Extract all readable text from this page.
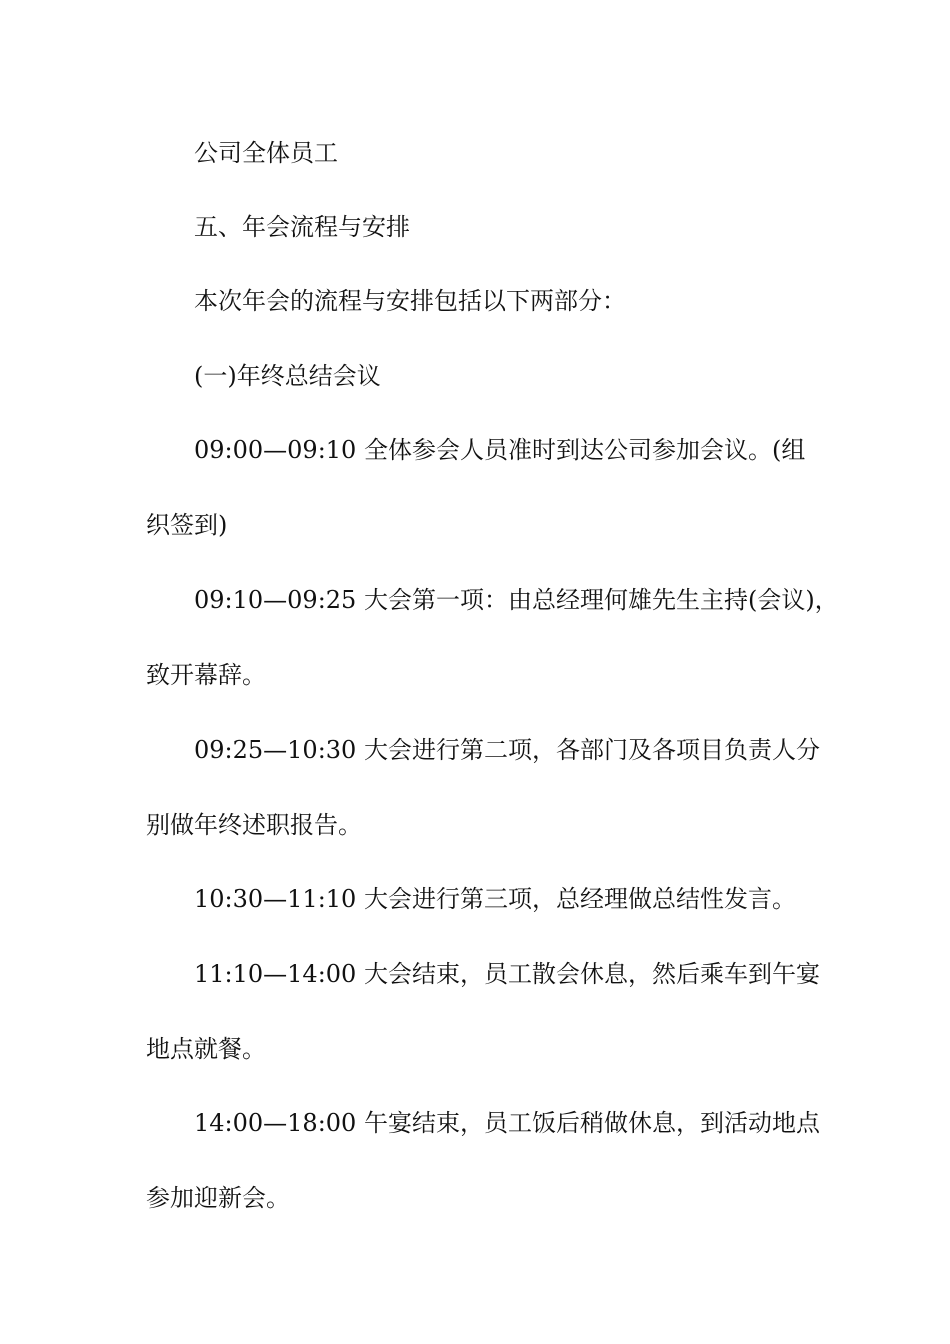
公司全体员工
五、年会流程与安排
本次年会的流程与安排包括以下两部分：
(一)年终总结会议
09:00—09:10 全体参会人员准时到达公司参加会议。(组
织签到)
09:10—09:25 大会第一项：由总经理何雄先生主持(会议)，
致开幕辞。
09:25—10:30 大会进行第二项，各部门及各项目负责人分
别做年终述职报告。
10:30—11:10 大会进行第三项，总经理做总结性发言。
11:10—14:00 大会结束，员工散会休息，然后乘车到午宴
地点就餐。
14:00—18:00 午宴结束，员工饭后稍做休息，到活动地点
参加迎新会。
